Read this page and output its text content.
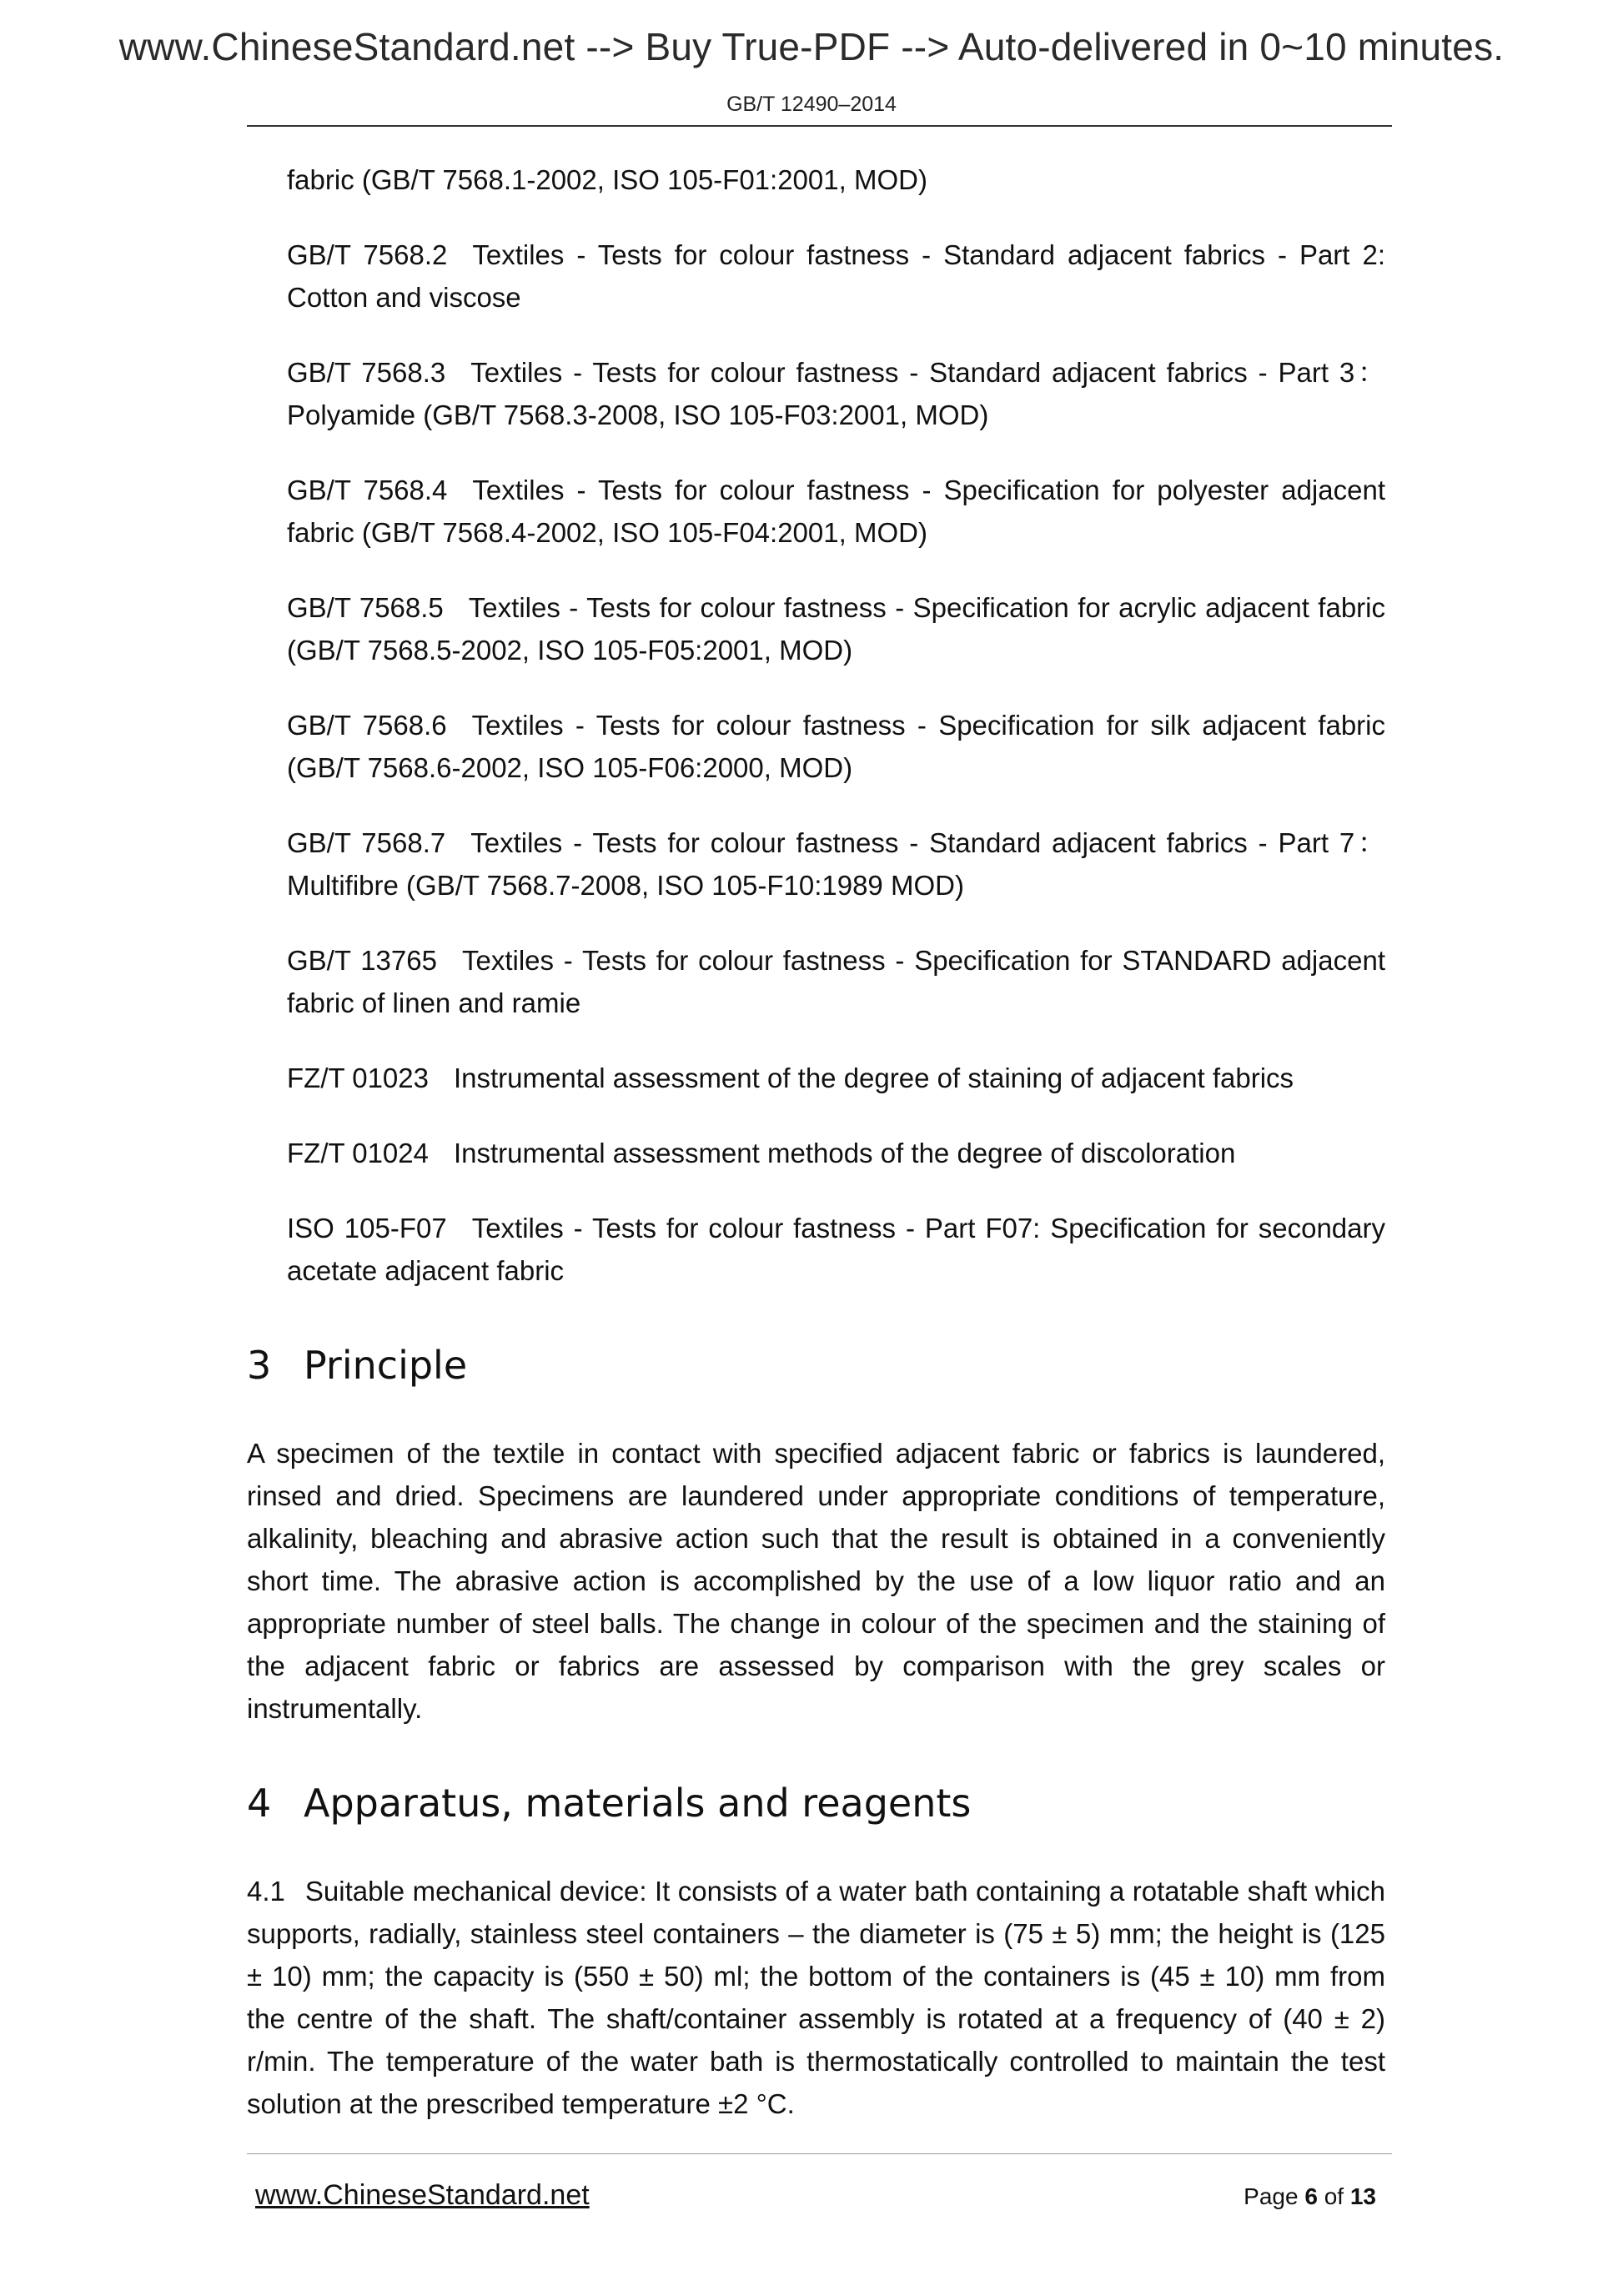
www.ChineseStandard.net --> Buy True-PDF --> Auto-delivered in 0~10 minutes.
GB/T 12490–2014

fabric (GB/T 7568.1-2002, ISO 105-F01:2001, MOD)

GB/T 7568.2 Textiles - Tests for colour fastness - Standard adjacent fabrics - Part 2: Cotton and viscose

GB/T 7568.3 Textiles - Tests for colour fastness - Standard adjacent fabrics - Part 3：Polyamide (GB/T 7568.3-2008, ISO 105-F03:2001, MOD)

GB/T 7568.4 Textiles - Tests for colour fastness - Specification for polyester adjacent fabric (GB/T 7568.4-2002, ISO 105-F04:2001, MOD)

GB/T 7568.5 Textiles - Tests for colour fastness - Specification for acrylic adjacent fabric (GB/T 7568.5-2002, ISO 105-F05:2001, MOD)

GB/T 7568.6 Textiles - Tests for colour fastness - Specification for silk adjacent fabric (GB/T 7568.6-2002, ISO 105-F06:2000, MOD)

GB/T 7568.7 Textiles - Tests for colour fastness - Standard adjacent fabrics - Part 7：Multifibre (GB/T 7568.7-2008, ISO 105-F10:1989 MOD)

GB/T 13765 Textiles - Tests for colour fastness - Specification for STANDARD adjacent fabric of linen and ramie

FZ/T 01023 Instrumental assessment of the degree of staining of adjacent fabrics

FZ/T 01024 Instrumental assessment methods of the degree of discoloration

ISO 105-F07 Textiles - Tests for colour fastness - Part F07: Specification for secondary acetate adjacent fabric

3 Principle

A specimen of the textile in contact with specified adjacent fabric or fabrics is laundered, rinsed and dried. Specimens are laundered under appropriate conditions of temperature, alkalinity, bleaching and abrasive action such that the result is obtained in a conveniently short time. The abrasive action is accomplished by the use of a low liquor ratio and an appropriate number of steel balls. The change in colour of the specimen and the staining of the adjacent fabric or fabrics are assessed by comparison with the grey scales or instrumentally.

4 Apparatus, materials and reagents

4.1 Suitable mechanical device: It consists of a water bath containing a rotatable shaft which supports, radially, stainless steel containers – the diameter is (75 ± 5) mm; the height is (125 ± 10) mm; the capacity is (550 ± 50) ml; the bottom of the containers is (45 ± 10) mm from the centre of the shaft. The shaft/container assembly is rotated at a frequency of (40 ± 2) r/min. The temperature of the water bath is thermostatically controlled to maintain the test solution at the prescribed temperature ±2 °C.

www.ChineseStandard.net	Page 6 of 13
